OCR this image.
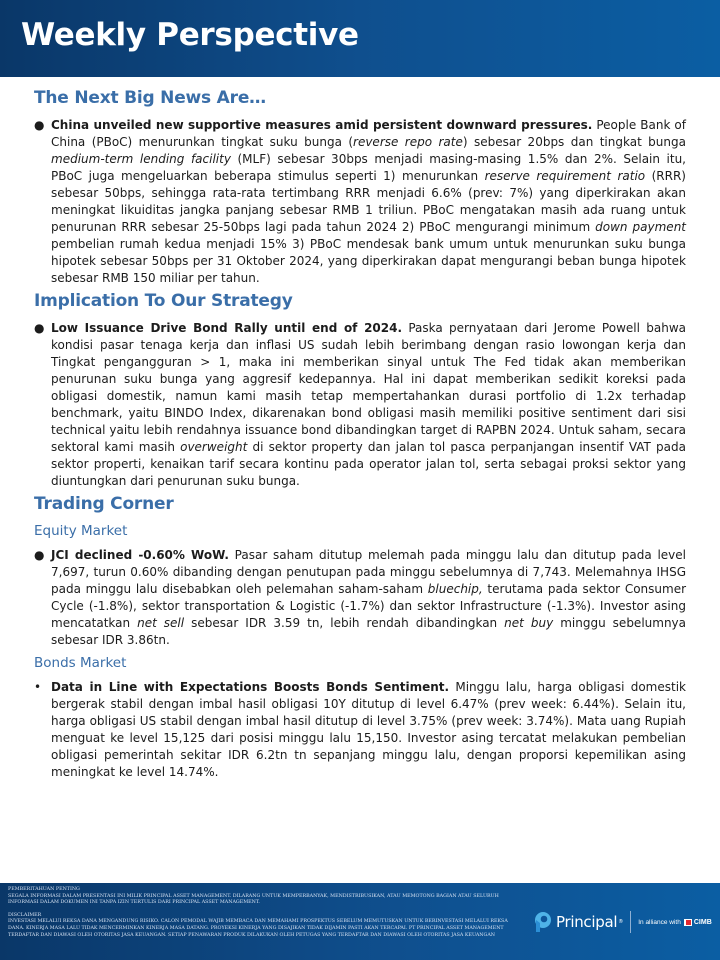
Weekly Perspective
The Next Big News Are…

● China unveiled new supportive measures amid persistent downward pressures. People Bank of China (PBoC) menurunkan tingkat suku bunga (reverse repo rate) sebesar 20bps dan tingkat bunga medium-term lending facility (MLF) sebesar 30bps menjadi masing-masing 1.5% dan 2%. Selain itu, PBoC juga mengeluarkan beberapa stimulus seperti 1) menurunkan reserve requirement ratio (RRR) sebesar 50bps, sehingga rata-rata tertimbang RRR menjadi 6.6% (prev: 7%) yang diperkirakan akan meningkat likuiditas jangka panjang sebesar RMB 1 triliun. PBoC mengatakan masih ada ruang untuk penurunan RRR sebesar 25-50bps lagi pada tahun 2024 2) PBoC mengurangi minimum down payment pembelian rumah kedua menjadi 15% 3) PBoC mendesak bank umum untuk menurunkan suku bunga hipotek sebesar 50bps per 31 Oktober 2024, yang diperkirakan dapat mengurangi beban bunga hipotek sebesar RMB 150 miliar per tahun.

Implication To Our Strategy

● Low Issuance Drive Bond Rally until end of 2024. Paska pernyataan dari Jerome Powell bahwa kondisi pasar tenaga kerja dan inflasi US sudah lebih berimbang dengan rasio lowongan kerja dan Tingkat pengangguran > 1, maka ini memberikan sinyal untuk The Fed tidak akan memberikan penurunan suku bunga yang aggresif kedepannya. Hal ini dapat memberikan sedikit koreksi pada obligasi domestik, namun kami masih tetap mempertahankan durasi portfolio di 1.2x terhadap benchmark, yaitu BINDO Index, dikarenakan bond obligasi masih memiliki positive sentiment dari sisi technical yaitu lebih rendahnya issuance bond dibandingkan target di RAPBN 2024. Untuk saham, secara sektoral kami masih overweight di sektor property dan jalan tol pasca perpanjangan insentif VAT pada sektor properti, kenaikan tarif secara kontinu pada operator jalan tol, serta sebagai proksi sektor yang diuntungkan dari penurunan suku bunga.

Trading Corner
Equity Market

● JCI declined -0.60% WoW. Pasar saham ditutup melemah pada minggu lalu dan ditutup pada level 7,697, turun 0.60% dibanding dengan penutupan pada minggu sebelumnya di 7,743. Melemahnya IHSG pada minggu lalu disebabkan oleh pelemahan saham-saham bluechip, terutama pada sektor Consumer Cycle (-1.8%), sektor transportation & Logistic (-1.7%) dan sektor Infrastructure (-1.3%). Investor asing mencatatkan net sell sebesar IDR 3.59 tn, lebih rendah dibandingkan net buy minggu sebelumnya sebesar IDR 3.86tn.

Bonds Market

• Data in Line with Expectations Boosts Bonds Sentiment. Minggu lalu, harga obligasi domestik bergerak stabil dengan imbal hasil obligasi 10Y ditutup di level 6.47% (prev week: 6.44%). Selain itu, harga obligasi US stabil dengan imbal hasil ditutup di level 3.75% (prev week: 3.74%). Mata uang Rupiah menguat ke level 15,125 dari posisi minggu lalu 15,150. Investor asing tercatat melakukan pembelian obligasi pemerintah sekitar IDR 6.2tn tn sepanjang minggu lalu, dengan proporsi kepemilikan asing meningkat ke level 14.74%.

PEMBERITAHUAN PENTING
SEGALA INFORMASI DALAM PRESENTASI INI MILIK PRINCIPAL ASSET MANAGEMENT. DILARANG UNTUK MEMPERBANYAK, MENDISTRIBUSIKAN, ATAU MEMOTONG BAGIAN ATAU SELURUH INFORMASI DALAM DOKUMEN INI TANPA IZIN TERTULIS DARI PRINCIPAL ASSET MANAGEMENT.

DISCLAIMER
INVESTASI MELALUI REKSA DANA MENGANDUNG RISIKO. CALON PEMODAL WAJIB MEMBACA DAN MEMAHAMI PROSPEKTUS SEBELUM MEMUTUSKAN UNTUK BERINVESTASI MELALUI REKSA DANA. KINERJA MASA LALU TIDAK MENCERMINKAN KINERJA MASA DATANG. PROYEKSI KINERJA YANG DISAJIKAN TIDAK DIJAMIN PASTI AKAN TERCAPAI. PT PRINCIPAL ASSET MANAGEMENT TERDAFTAR DAN DIAWASI OLEH OTORITAS JASA KEUANGAN. SETIAP PENAWARAN PRODUK DILAKUKAN OLEH PETUGAS YANG TERDAFTAR DAN DIAWASI OLEH OTORITAS JASA KEUANGAN

Principal ® In alliance with CIMB
